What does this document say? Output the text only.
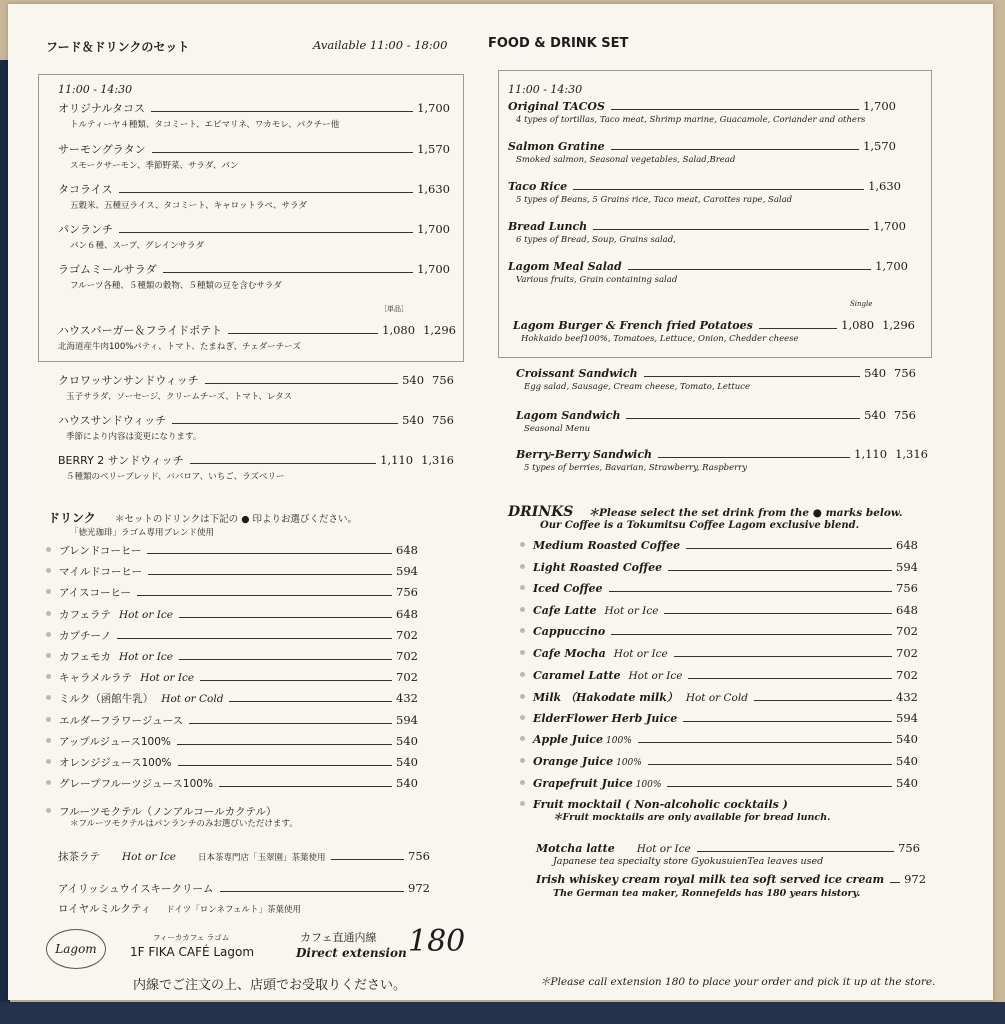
フード＆ドリンクのセット	Available 11:00 - 18:00	FOOD & DRINK SET
11:00 - 14:30
オリジナルタコス	1,700
トルティーヤ４種類、タコミート、エビマリネ、ワカモレ、パクチー他
サーモングラタン	1,570
スモークサーモン、季節野菜、サラダ、パン
タコライス	1,630
五穀米、五種豆ライス、タコミート、キャロットラペ、サラダ
パンランチ	1,700
パン６種、スープ、グレインサラダ
ラゴムミールサラダ	1,700
フルーツ各種、５種類の穀物、５種類の豆を含むサラダ
［単品］
ハウスバーガー＆フライドポテト	1,080 1,296
北海道産牛肉100%パティ、トマト、たまねぎ、チェダーチーズ
クロワッサンサンドウィッチ	540 756
玉子サラダ、ソーセージ、クリームチーズ、トマト、レタス
ハウスサンドウィッチ	540 756
季節により内容は変更になります。
BERRY 2 サンドウィッチ	1,110 1,316
５種類のベリーブレッド、ババロア、いちご、ラズベリー
ドリンク ＊セットのドリンクは下記の ● 印よりお選びください。
「徳光珈琲」ラゴム専用ブレンド使用
ブレンドコーヒー	648
マイルドコーヒー	594
アイスコーヒー	756
カフェラテ Hot or Ice	648
カプチーノ	702
カフェモカ Hot or Ice	702
キャラメルラテ Hot or Ice	702
ミルク（函館牛乳） Hot or Cold	432
エルダーフラワージュース	594
アップルジュース100%	540
オレンジジュース100%	540
グレープフルーツジュース100%	540
フルーツモクテル（ノンアルコールカクテル）
＊フルーツモクテルはパンランチのみお選びいただけます。
抹茶ラテ Hot or Ice	日本茶専門店「玉翠園」茶葉使用	756
アイリッシュウイスキークリーム	972
ロイヤルミルクティ ドイツ「ロンネフェルト」茶葉使用
Lagom
フィーカカフェ ラゴム
1F FIKA CAFÉ Lagom
カフェ直通内線
Direct extension 180
内線でご注文の上、店頭でお受取りください。
11:00 - 14:30
Original TACOS	1,700
4 types of tortillas, Taco meat, Shrimp marine, Guacamole, Coriander and others
Salmon Gratine	1,570
Smoked salmon, Seasonal vegetables, Salad,Bread
Taco Rice	1,630
5 types of Beans, 5 Grains rice, Taco meat, Carottes rape, Salad
Bread Lunch	1,700
6 types of Bread, Soup, Grains salad,
Lagom Meal Salad	1,700
Various fruits, Grain containing salad
Single
Lagom Burger & French fried Potatoes	1,080 1,296
Hokkaido beef100%, Tomatoes, Lettuce, Onion, Chedder cheese
Croissant Sandwich	540 756
Egg salad, Sausage, Cream cheese, Tomato, Lettuce
Lagom Sandwich	540 756
Seasonal Menu
Berry-Berry Sandwich	1,110 1,316
5 types of berries, Bavarian, Strawberry, Raspberry
DRINKS ＊Please select the set drink from the ● marks below.
Our Coffee is a Tokumitsu Coffee Lagom exclusive blend.
Medium Roasted Coffee	648
Light Roasted Coffee	594
Iced Coffee	756
Cafe Latte Hot or Ice	648
Cappuccino	702
Cafe Mocha Hot or Ice	702
Caramel Latte Hot or Ice	702
Milk （Hakodate milk） Hot or Cold	432
ElderFlower Herb Juice	594
Apple Juice 100%	540
Orange Juice 100%	540
Grapefruit Juice 100%	540
Fruit mocktail ( Non-alcoholic cocktails )
＊Fruit mocktails are only available for bread lunch.
Motcha latte Hot or Ice	756
Japanese tea specialty store GyokusuienTea leaves used
Irish whiskey cream royal milk tea soft served ice cream 972
The German tea maker, Ronnefelds has 180 years history.
＊Please call extension 180 to place your order and pick it up at the store.
